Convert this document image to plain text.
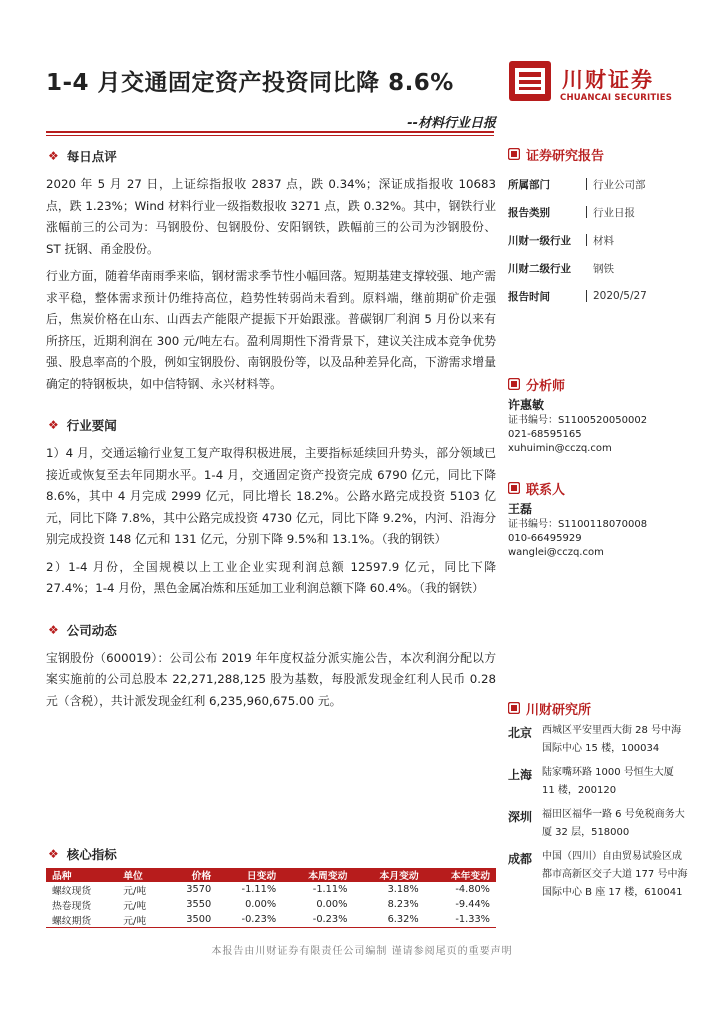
1-4 月交通固定资产投资同比降 8.6%
--材料行业日报
川财证券
CHUANCAI SECURITIES
❖ 每日点评
2020 年 5 月 27 日，上证综指报收 2837 点，跌 0.34%；深证成指报收 10683 点，跌 1.23%；Wind 材料行业一级指数报收 3271 点，跌 0.32%。其中，钢铁行业涨幅前三的公司为：马钢股份、包钢股份、安阳钢铁，跌幅前三的公司为沙钢股份、ST 抚钢、甬金股份。
行业方面，随着华南雨季来临，钢材需求季节性小幅回落。短期基建支撑较强、地产需求平稳，整体需求预计仍维持高位，趋势性转弱尚未看到。原料端，继前期矿价走强后，焦炭价格在山东、山西去产能限产提振下开始跟涨。普碳钢厂利润 5 月份以来有所挤压，近期利润在 300 元/吨左右。盈利周期性下滑背景下，建议关注成本竞争优势强、股息率高的个股，例如宝钢股份、南钢股份等，以及品种差异化高，下游需求增量确定的特钢板块，如中信特钢、永兴材料等。
❖ 行业要闻
1）4 月，交通运输行业复工复产取得积极进展，主要指标延续回升势头，部分领域已接近或恢复至去年同期水平。1-4 月，交通固定资产投资完成 6790 亿元，同比下降 8.6%，其中 4 月完成 2999 亿元，同比增长 18.2%。公路水路完成投资 5103 亿元，同比下降 7.8%，其中公路完成投资 4730 亿元，同比下降 9.2%，内河、沿海分别完成投资 148 亿元和 131 亿元，分别下降 9.5%和 13.1%。（我的钢铁）
2）1-4 月份，全国规模以上工业企业实现利润总额 12597.9 亿元，同比下降 27.4%；1-4 月份，黑色金属冶炼和压延加工业利润总额下降 60.4%。（我的钢铁）
❖ 公司动态
宝钢股份（600019）：公司公布 2019 年年度权益分派实施公告，本次利润分配以方案实施前的公司总股本 22,271,288,125 股为基数，每股派发现金红利人民币 0.28 元（含税），共计派发现金红利 6,235,960,675.00 元。
❖ 核心指标
品种	单位	价格	日变动	本周变动	本月变动	本年变动
螺纹现货	元/吨	3570	-1.11%	-1.11%	3.18%	-4.80%
热卷现货	元/吨	3550	0.00%	0.00%	8.23%	-9.44%
螺纹期货	元/吨	3500	-0.23%	-0.23%	6.32%	-1.33%
证券研究报告
所属部门	行业公司部
报告类别	行业日报
川财一级行业	材料
川财二级行业	钢铁
报告时间	2020/5/27
分析师
许惠敏
证书编号：S1100520050002
021-68595165
xuhuimin@cczq.com
联系人
王磊
证书编号：S1100118070008
010-66495929
wanglei@cczq.com
川财研究所
北京 西城区平安里西大街 28 号中海国际中心 15 楼，100034
上海 陆家嘴环路 1000 号恒生大厦 11 楼，200120
深圳 福田区福华一路 6 号免税商务大厦 32 层，518000
成都 中国（四川）自由贸易试验区成都市高新区交子大道 177 号中海国际中心 B 座 17 楼，610041
本报告由川财证券有限责任公司编制 谨请参阅尾页的重要声明
